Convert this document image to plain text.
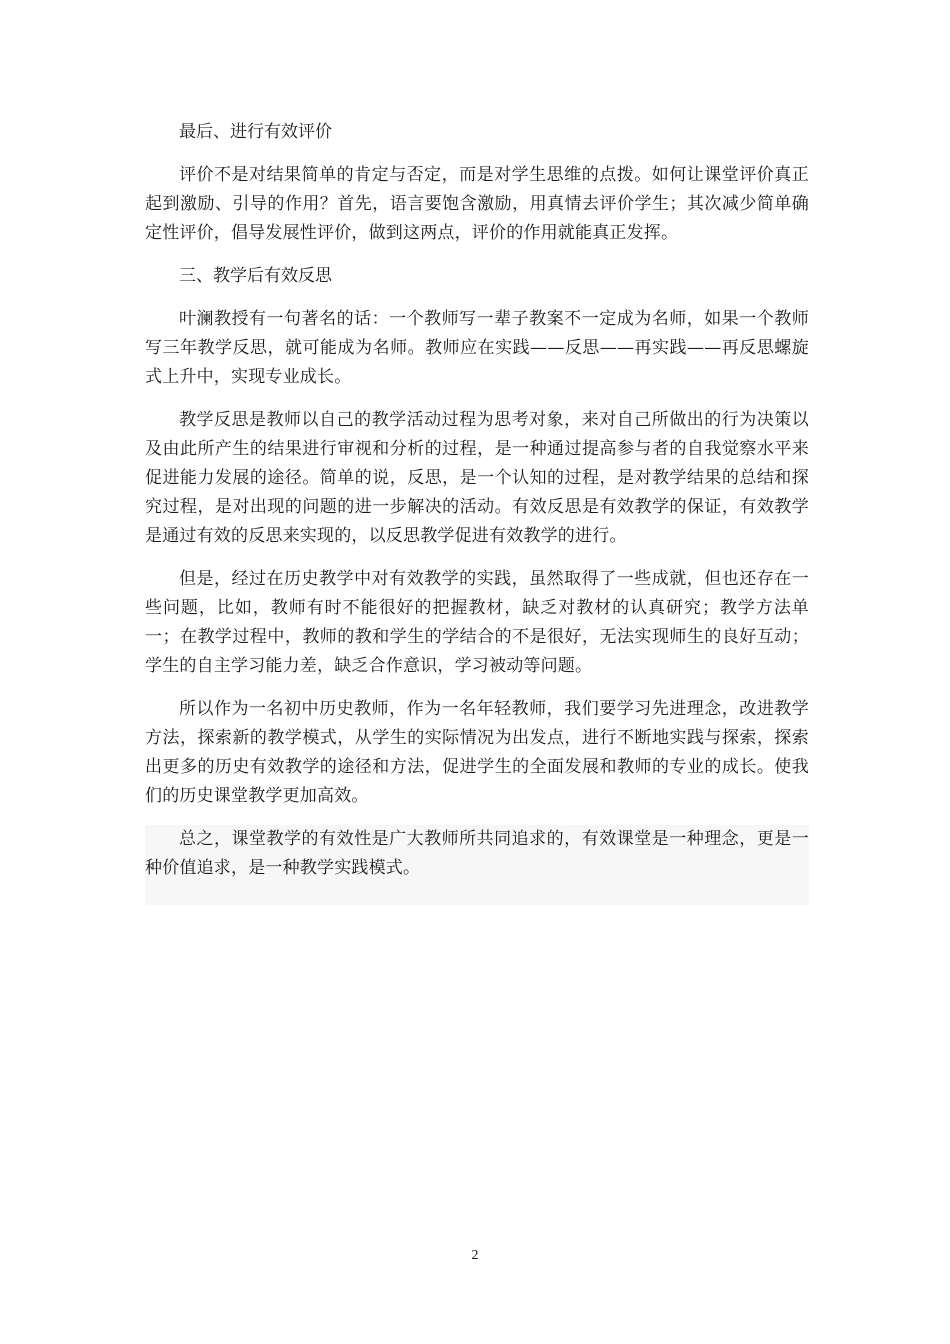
最后、进行有效评价

评价不是对结果简单的肯定与否定，而是对学生思维的点拨。如何让课堂评价真正起到激励、引导的作用？首先，语言要饱含激励，用真情去评价学生；其次减少简单确定性评价，倡导发展性评价，做到这两点，评价的作用就能真正发挥。

三、教学后有效反思

叶澜教授有一句著名的话：一个教师写一辈子教案不一定成为名师，如果一个教师写三年教学反思，就可能成为名师。教师应在实践——反思——再实践——再反思螺旋式上升中，实现专业成长。

教学反思是教师以自己的教学活动过程为思考对象，来对自己所做出的行为决策以及由此所产生的结果进行审视和分析的过程，是一种通过提高参与者的自我觉察水平来促进能力发展的途径。简单的说，反思，是一个认知的过程，是对教学结果的总结和探究过程，是对出现的问题的进一步解决的活动。有效反思是有效教学的保证，有效教学是通过有效的反思来实现的，以反思教学促进有效教学的进行。

但是，经过在历史教学中对有效教学的实践，虽然取得了一些成就，但也还存在一些问题，比如，教师有时不能很好的把握教材，缺乏对教材的认真研究；教学方法单一；在教学过程中，教师的教和学生的学结合的不是很好，无法实现师生的良好互动；学生的自主学习能力差，缺乏合作意识，学习被动等问题。

所以作为一名初中历史教师，作为一名年轻教师，我们要学习先进理念，改进教学方法，探索新的教学模式，从学生的实际情况为出发点，进行不断地实践与探索，探索出更多的历史有效教学的途径和方法，促进学生的全面发展和教师的专业的成长。使我们的历史课堂教学更加高效。

总之，课堂教学的有效性是广大教师所共同追求的，有效课堂是一种理念，更是一种价值追求，是一种教学实践模式。

2
